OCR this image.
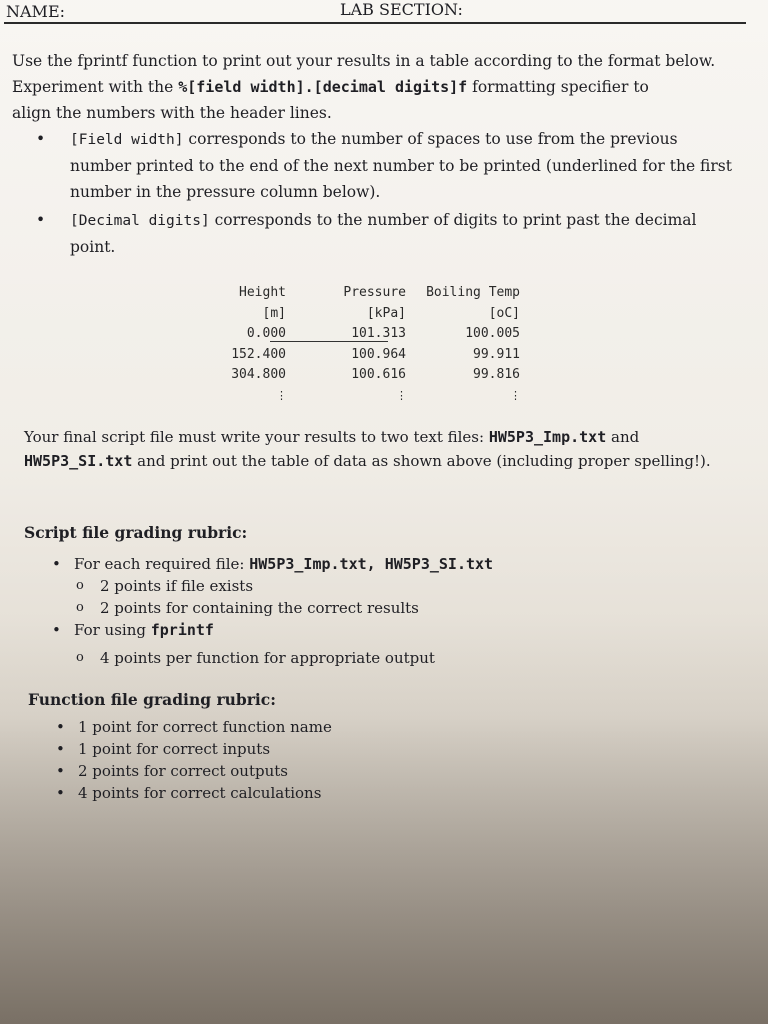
NAME:	LAB SECTION:
Use the fprintf function to print out your results in a table according to the format below.
Experiment with the %[field width].[decimal digits]f formatting specifier to
align the numbers with the header lines.
• [Field width] corresponds to the number of spaces to use from the previous number printed to the end of the next number to be printed (underlined for the first number in the pressure column below).
• [Decimal digits] corresponds to the number of digits to print past the decimal point.
Height
[m]
0.000
152.400
304.800
⋮
Pressure
[kPa]
101.313
100.964
100.616
⋮
Boiling Temp
[oC]
100.005
99.911
99.816
⋮
Your final script file must write your results to two text files: HW5P3_Imp.txt and HW5P3_SI.txt and print out the table of data as shown above (including proper spelling!).
Script file grading rubric:
• For each required file: HW5P3_Imp.txt, HW5P3_SI.txt
o 2 points if file exists
o 2 points for containing the correct results
• For using fprintf
o 4 points per function for appropriate output
Function file grading rubric:
• 1 point for correct function name
• 1 point for correct inputs
• 2 points for correct outputs
• 4 points for correct calculations
